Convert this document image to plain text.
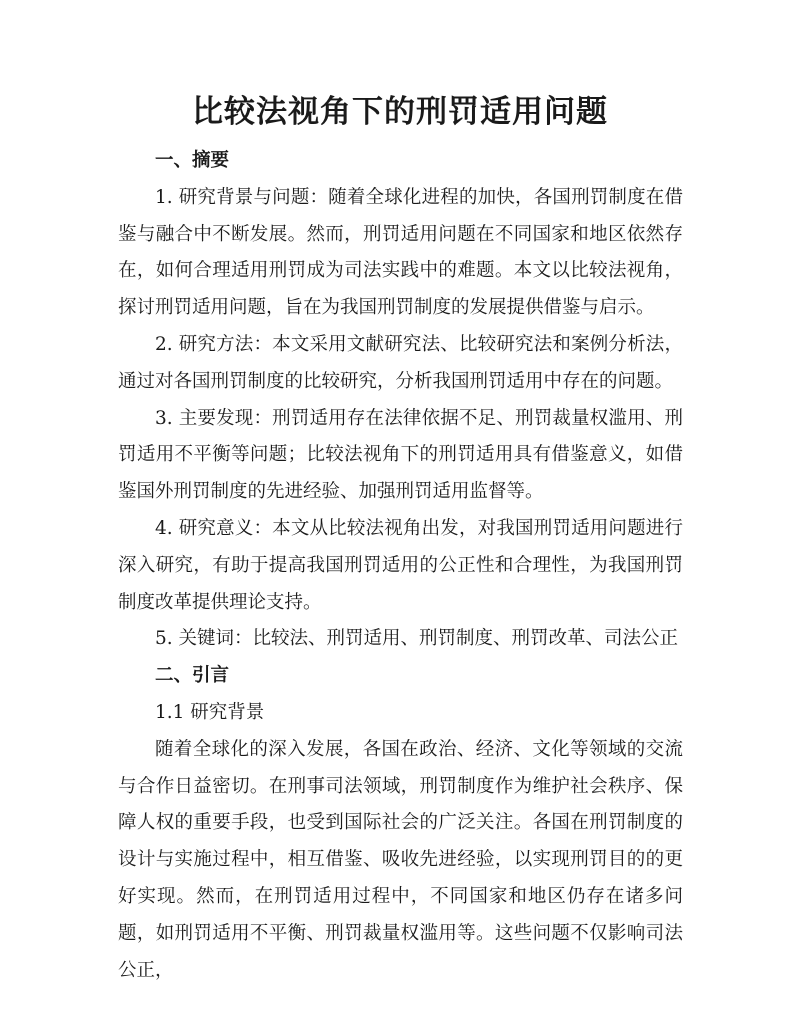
比较法视角下的刑罚适用问题

一、摘要

1. 研究背景与问题：随着全球化进程的加快，各国刑罚制度在借鉴与融合中不断发展。然而，刑罚适用问题在不同国家和地区依然存在，如何合理适用刑罚成为司法实践中的难题。本文以比较法视角，探讨刑罚适用问题，旨在为我国刑罚制度的发展提供借鉴与启示。

2. 研究方法：本文采用文献研究法、比较研究法和案例分析法，通过对各国刑罚制度的比较研究，分析我国刑罚适用中存在的问题。

3. 主要发现：刑罚适用存在法律依据不足、刑罚裁量权滥用、刑罚适用不平衡等问题；比较法视角下的刑罚适用具有借鉴意义，如借鉴国外刑罚制度的先进经验、加强刑罚适用监督等。

4. 研究意义：本文从比较法视角出发，对我国刑罚适用问题进行深入研究，有助于提高我国刑罚适用的公正性和合理性，为我国刑罚制度改革提供理论支持。

5. 关键词：比较法、刑罚适用、刑罚制度、刑罚改革、司法公正

二、引言

1.1 研究背景

随着全球化的深入发展，各国在政治、经济、文化等领域的交流与合作日益密切。在刑事司法领域，刑罚制度作为维护社会秩序、保障人权的重要手段，也受到国际社会的广泛关注。各国在刑罚制度的设计与实施过程中，相互借鉴、吸收先进经验，以实现刑罚目的的更好实现。然而，在刑罚适用过程中，不同国家和地区仍存在诸多问题，如刑罚适用不平衡、刑罚裁量权滥用等。这些问题不仅影响司法公正，
